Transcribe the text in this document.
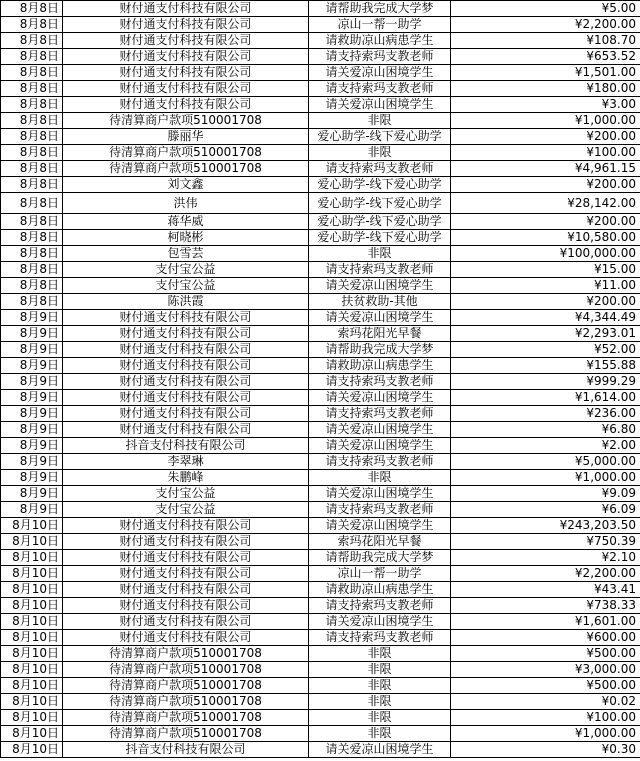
8月8日	财付通支付科技有限公司	请帮助我完成大学梦	¥5.00
8月8日	财付通支付科技有限公司	凉山一帮一助学	¥2,200.00
8月8日	财付通支付科技有限公司	请救助凉山病患学生	¥108.70
8月8日	财付通支付科技有限公司	请支持索玛支教老师	¥653.52
8月8日	财付通支付科技有限公司	请关爱凉山困境学生	¥1,501.00
8月8日	财付通支付科技有限公司	请支持索玛支教老师	¥180.00
8月8日	财付通支付科技有限公司	请关爱凉山困境学生	¥3.00
8月8日	待清算商户款项510001708	非限	¥1,000.00
8月8日	滕丽华	爱心助学-线下爱心助学	¥200.00
8月8日	待清算商户款项510001708	非限	¥100.00
8月8日	待清算商户款项510001708	请支持索玛支教老师	¥4,961.15
8月8日	刘文鑫	爱心助学-线下爱心助学	¥200.00
8月8日	洪伟	爱心助学-线下爱心助学	¥28,142.00
8月8日	蒋华威	爱心助学-线下爱心助学	¥200.00
8月8日	柯晓彬	爱心助学-线下爱心助学	¥10,580.00
8月8日	包雪芸	非限	¥100,000.00
8月8日	支付宝公益	请支持索玛支教老师	¥15.00
8月8日	支付宝公益	请关爱凉山困境学生	¥11.00
8月8日	陈洪霞	扶贫救助-其他	¥200.00
8月9日	财付通支付科技有限公司	请关爱凉山困境学生	¥4,344.49
8月9日	财付通支付科技有限公司	索玛花阳光早餐	¥2,293.01
8月9日	财付通支付科技有限公司	请帮助我完成大学梦	¥52.00
8月9日	财付通支付科技有限公司	请救助凉山病患学生	¥155.88
8月9日	财付通支付科技有限公司	请支持索玛支教老师	¥999.29
8月9日	财付通支付科技有限公司	请关爱凉山困境学生	¥1,614.00
8月9日	财付通支付科技有限公司	请支持索玛支教老师	¥236.00
8月9日	财付通支付科技有限公司	请关爱凉山困境学生	¥6.80
8月9日	抖音支付科技有限公司	请关爱凉山困境学生	¥2.00
8月9日	李翠琳	请支持索玛支教老师	¥5,000.00
8月9日	朱鹏峰	非限	¥1,000.00
8月9日	支付宝公益	请关爱凉山困境学生	¥9.09
8月9日	支付宝公益	请支持索玛支教老师	¥6.09
8月10日	财付通支付科技有限公司	请关爱凉山困境学生	¥243,203.50
8月10日	财付通支付科技有限公司	索玛花阳光早餐	¥750.39
8月10日	财付通支付科技有限公司	请帮助我完成大学梦	¥2.10
8月10日	财付通支付科技有限公司	凉山一帮一助学	¥2,200.00
8月10日	财付通支付科技有限公司	请救助凉山病患学生	¥43.41
8月10日	财付通支付科技有限公司	请支持索玛支教老师	¥738.33
8月10日	财付通支付科技有限公司	请关爱凉山困境学生	¥1,601.00
8月10日	财付通支付科技有限公司	请支持索玛支教老师	¥600.00
8月10日	待清算商户款项510001708	非限	¥500.00
8月10日	待清算商户款项510001708	非限	¥3,000.00
8月10日	待清算商户款项510001708	非限	¥500.00
8月10日	待清算商户款项510001708	非限	¥0.02
8月10日	待清算商户款项510001708	非限	¥100.00
8月10日	待清算商户款项510001708	非限	¥1,000.00
8月10日	抖音支付科技有限公司	请关爱凉山困境学生	¥0.30
